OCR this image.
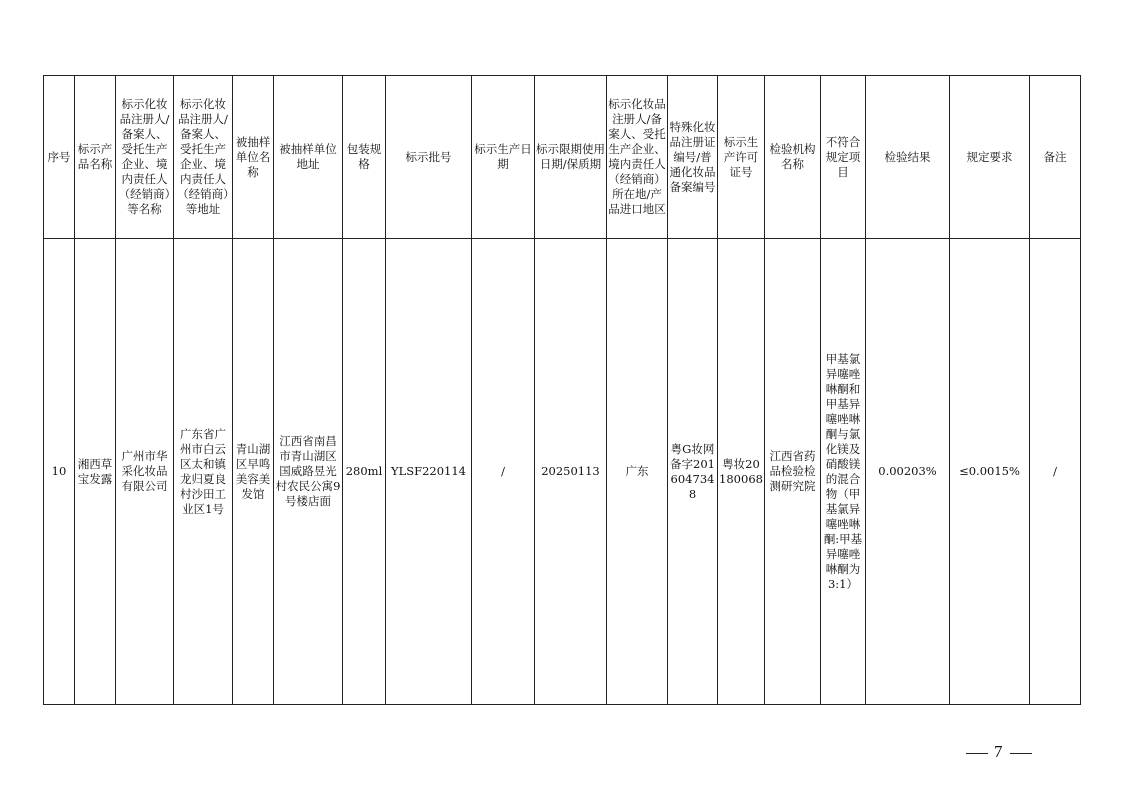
序号	标示产品名称	标示化妆品注册人/备案人、受托生产企业、境内责任人（经销商）等名称	标示化妆品注册人/备案人、受托生产企业、境内责任人（经销商）等地址	被抽样单位名称	被抽样单位地址	包装规格	标示批号	标示生产日期	标示限期使用日期/保质期	标示化妆品注册人/备案人、受托生产企业、境内责任人（经销商）所在地/产品进口地区	特殊化妆品注册证编号/普通化妆品备案编号	标示生产许可证号	检验机构名称	不符合规定项目	检验结果	规定要求	备注
10	湘西草宝发露	广州市华采化妆品有限公司	广东省广州市白云区太和镇龙归夏良村沙田工业区1号	青山湖区早鸣美容美发馆	江西省南昌市青山湖区国威路昱光村农民公寓9号楼店面	280ml	YLSF220114	/	20250113	广东	粤G妆网备字2016047348	粤妆20180068	江西省药品检验检测研究院	甲基氯异噻唑啉酮和甲基异噻唑啉酮与氯化镁及硝酸镁的混合物（甲基氯异噻唑啉酮:甲基异噻唑啉酮为3:1）	0.00203%	≤0.0015%	/
7
